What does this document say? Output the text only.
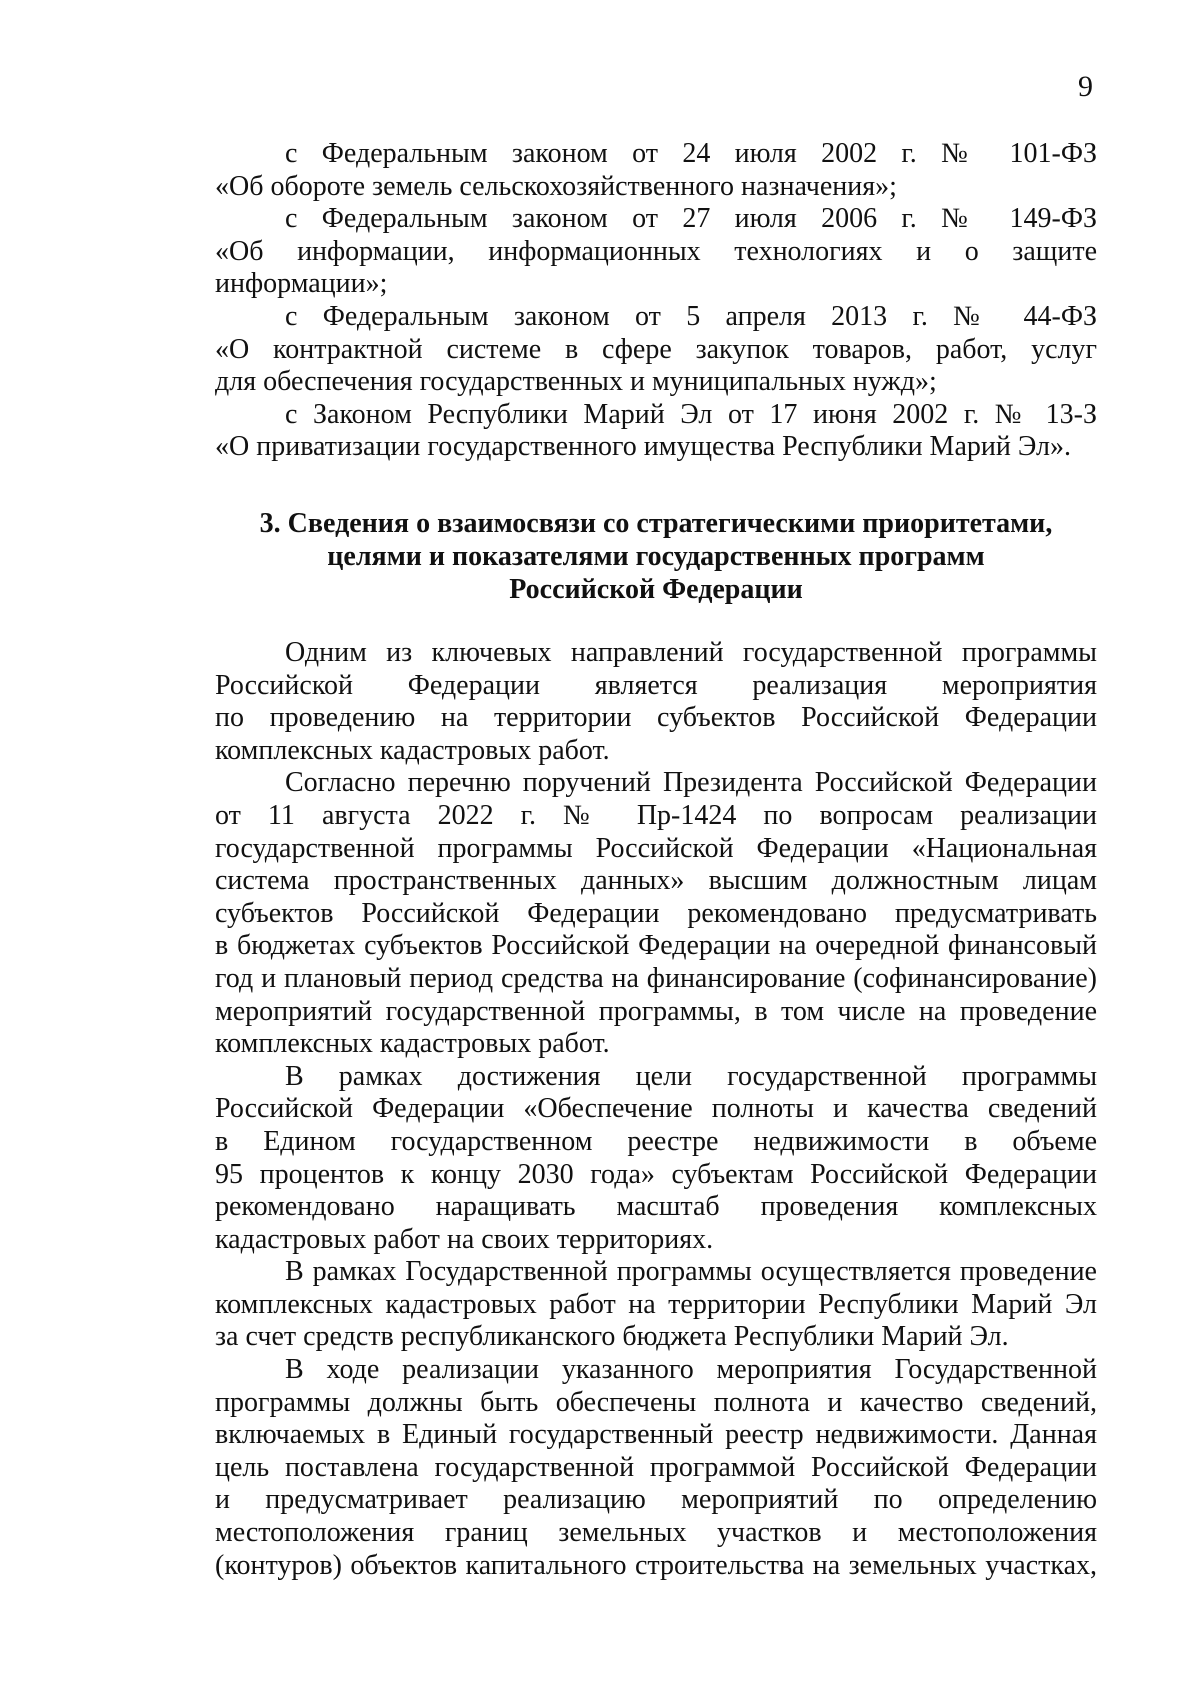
9
с Федеральным законом от 24 июля 2002 г. № 101-ФЗ
«Об обороте земель сельскохозяйственного назначения»;
с Федеральным законом от 27 июля 2006 г. № 149-ФЗ
«Об информации, информационных технологиях и о защите
информации»;
с Федеральным законом от 5 апреля 2013 г. № 44-ФЗ
«О контрактной системе в сфере закупок товаров, работ, услуг
для обеспечения государственных и муниципальных нужд»;
с Законом Республики Марий Эл от 17 июня 2002 г. № 13-З
«О приватизации государственного имущества Республики Марий Эл».
3. Сведения о взаимосвязи со стратегическими приоритетами,
целями и показателями государственных программ
Российской Федерации
Одним из ключевых направлений государственной программы
Российской Федерации является реализация мероприятия
по проведению на территории субъектов Российской Федерации
комплексных кадастровых работ.
Согласно перечню поручений Президента Российской Федерации
от 11 августа 2022 г. № Пр-1424 по вопросам реализации
государственной программы Российской Федерации «Национальная
система пространственных данных» высшим должностным лицам
субъектов Российской Федерации рекомендовано предусматривать
в бюджетах субъектов Российской Федерации на очередной финансовый
год и плановый период средства на финансирование (софинансирование)
мероприятий государственной программы, в том числе на проведение
комплексных кадастровых работ.
В рамках достижения цели государственной программы
Российской Федерации «Обеспечение полноты и качества сведений
в Едином государственном реестре недвижимости в объеме
95 процентов к концу 2030 года» субъектам Российской Федерации
рекомендовано наращивать масштаб проведения комплексных
кадастровых работ на своих территориях.
В рамках Государственной программы осуществляется проведение
комплексных кадастровых работ на территории Республики Марий Эл
за счет средств республиканского бюджета Республики Марий Эл.
В ходе реализации указанного мероприятия Государственной
программы должны быть обеспечены полнота и качество сведений,
включаемых в Единый государственный реестр недвижимости. Данная
цель поставлена государственной программой Российской Федерации
и предусматривает реализацию мероприятий по определению
местоположения границ земельных участков и местоположения
(контуров) объектов капитального строительства на земельных участках,
